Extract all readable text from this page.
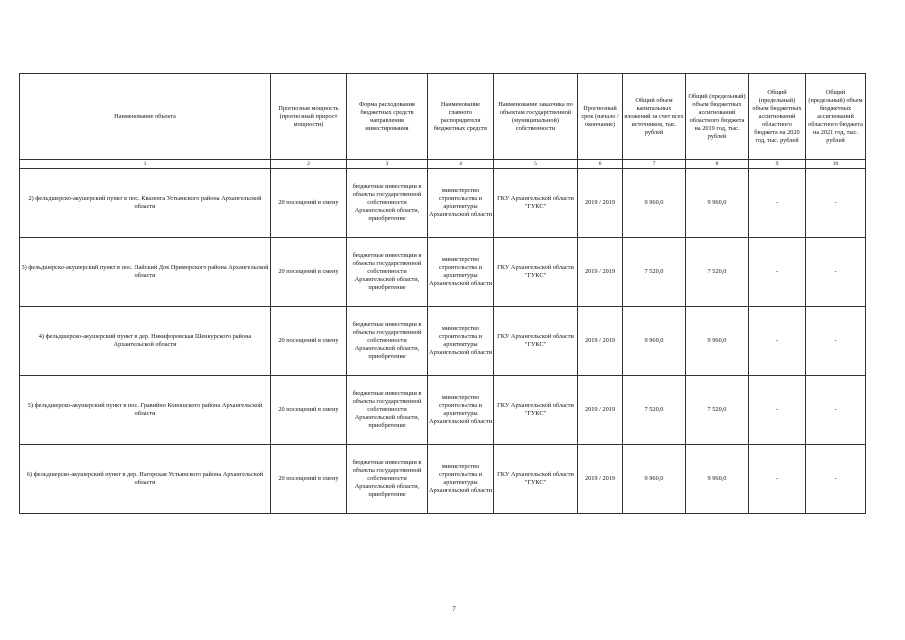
Наименование объекта	Прогнозная мощность (прогнозный прирост мощности)	Форма расходования бюджетных средств направления инвестирования	Наименование главного распорядителя бюджетных средств	Наименование заказчика по объектам государственной (муниципальной) собственности	Прогнозный срок (начало / окончание)	Общий объем капитальных вложений за счет всех источников, тыс. рублей	Общий (предельный) объем бюджетных ассигнований областного бюджета на 2019 год, тыс. рублей	Общий (предельный) объем бюджетных ассигнований областного бюджета на 2020 год, тыс. рублей	Общий (предельный) объем бюджетных ассигнований областного бюджета на 2021 год, тыс. рублей
1	2	3	4	5	6	7	8	9	10
2) фельдшерско-акушерский пункт в пос. Квазенга Устьянского района Архангельской области	20 посещений в смену	бюджетные инвестиции в объекты государственной собственности Архангельской области, приобретение	министерство строительства и архитектуры Архангельской области	ГКУ Архангельской области "ГУКС"	2019 / 2019	9 960,0	9 960,0	-	-
3) фельдшерско-акушерский пункт в пос. Лайский Док Приморского района Архангельской области	20 посещений в смену	бюджетные инвестиции в объекты государственной собственности Архангельской области, приобретение	министерство строительства и архитектуры Архангельской области	ГКУ Архангельской области "ГУКС"	2019 / 2019	7 520,0	7 520,0	-	-
4) фельдшерско-акушерский пункт в дер. Никифоровская Шенкурского района Архангельской области	20 посещений в смену	бюджетные инвестиции в объекты государственной собственности Архангельской области, приобретение	министерство строительства и архитектуры Архангельской области	ГКУ Архангельской области "ГУКС"	2019 / 2019	9 960,0	9 960,0	-	-
5) фельдшерско-акушерский пункт в пос. Гравийно Коношского района Архангельской области	20 посещений в смену	бюджетные инвестиции в объекты государственной собственности Архангельской области, приобретение	министерство строительства и архитектуры Архангельской области	ГКУ Архангельской области "ГУКС"	2019 / 2019	7 520,0	7 520,0	-	-
6) фельдшерско-акушерский пункт в дер. Нагорская Устьянского района Архангельской области	20 посещений в смену	бюджетные инвестиции в объекты государственной собственности Архангельской области, приобретение	министерство строительства и архитектуры Архангельской области	ГКУ Архангельской области "ГУКС"	2019 / 2019	9 960,0	9 960,0	-	-
7
